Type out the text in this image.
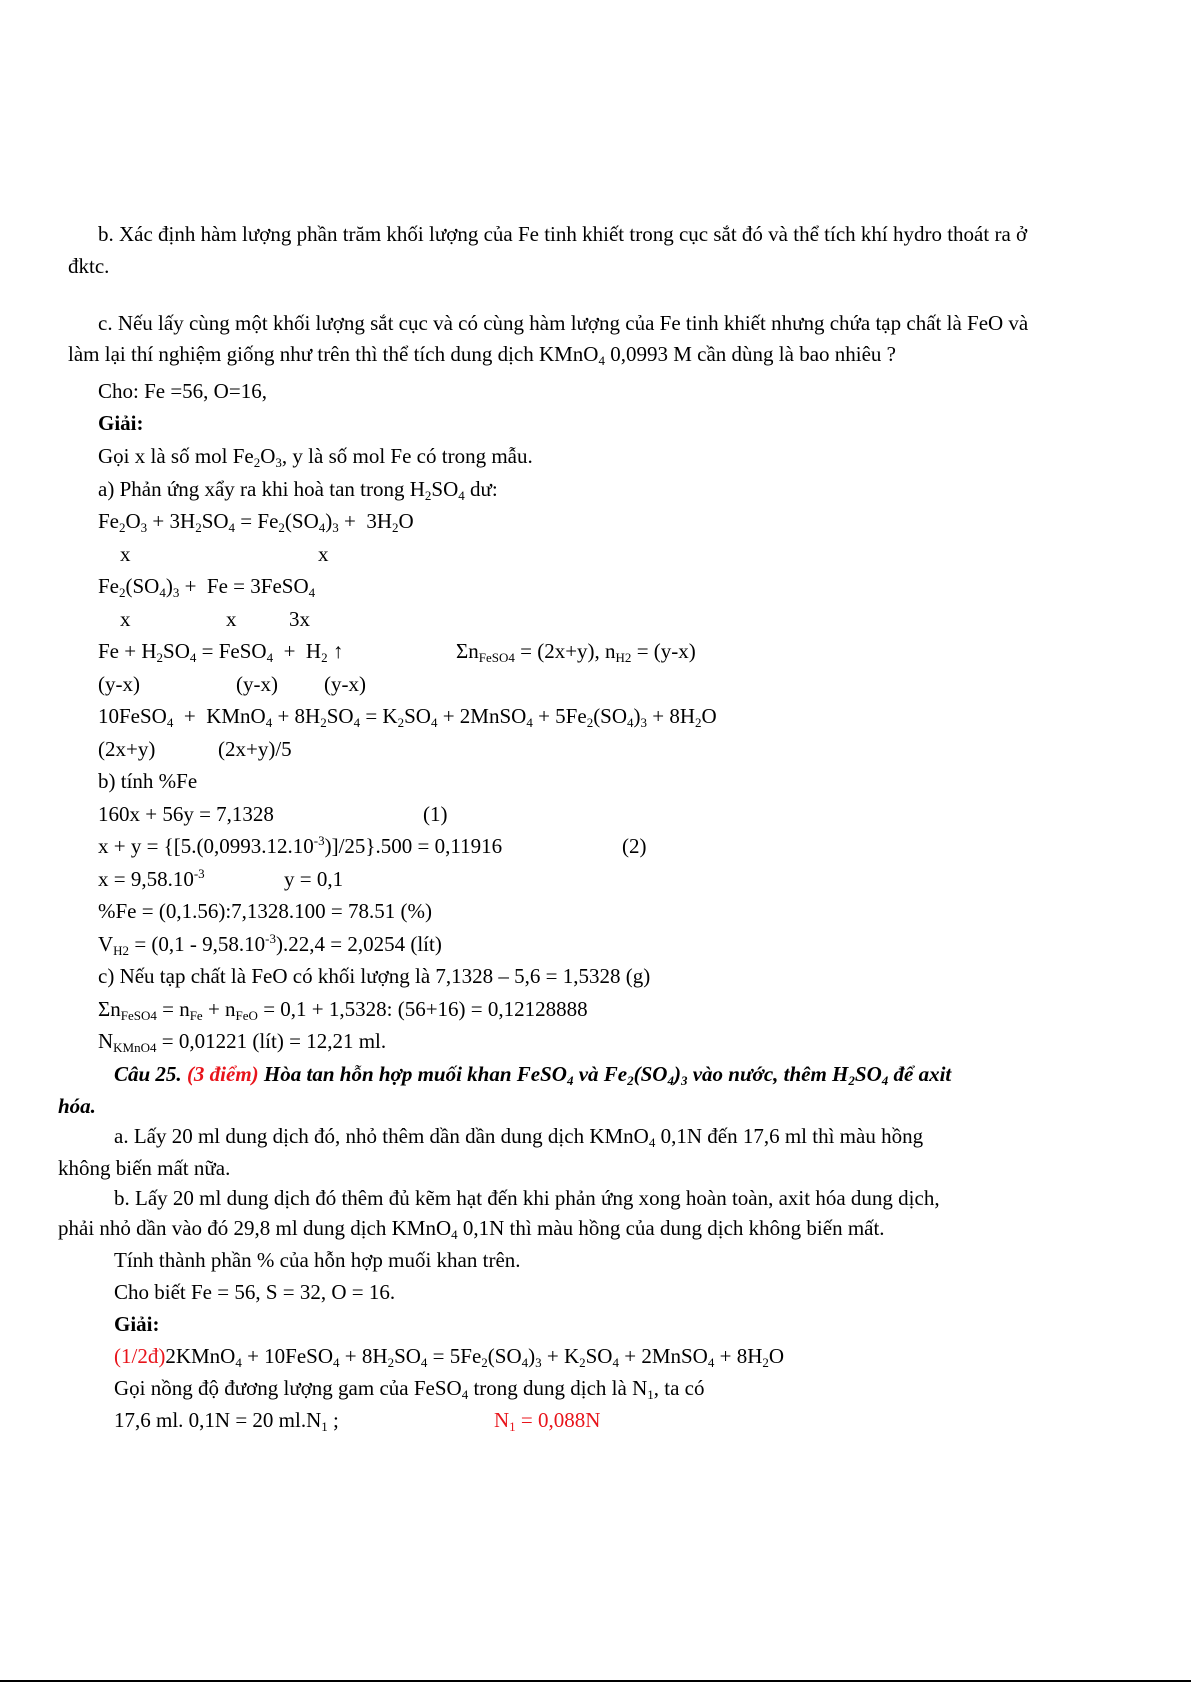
b. Xác định hàm lượng phần trăm khối lượng của Fe tinh khiết trong cục sắt đó và thể tích khí hydro thoát ra ở
đktc.
c. Nếu lấy cùng một khối lượng sắt cục và có cùng hàm lượng của Fe tinh khiết nhưng chứa tạp chất là FeO và
làm lại thí nghiệm giống như trên thì thể tích dung dịch KMnO$_4$ 0,0993 M cần dùng là bao nhiêu ?
Cho: Fe =56, O=16,
Giải:
Gọi x là số mol $Fe_2O_3$, y là số mol Fe có trong mẫu.
a) Phản ứng xẩy ra khi hoà tan trong $H_2SO_4$ dư:
$Fe_2O_3 + 3H_2SO_4 = Fe_2(SO_4)_3 + 3H_2O$
x	x
$Fe_2(SO_4)_3 + Fe$ = 3FeSO$_4$
x	x	3x
$Fe + H_2SO_4$ = FeSO$_4$  +  $H_2$ ↑	$\Sigma n_{FeSO4} = (2x+y)$, $n_{H2} = (y-x)$
(y-x)	(y-x) (y-x)
10FeSO$_4$  +  KMnO$_4$ + $8H_2SO_4 = K_2SO_4$ + 2MnSO$_4$ + $5Fe_2(SO_4)_3 + 8H_2O$
(2x+y)	(2x+y)/5
b) tính %Fe
160x + 56y = 7,1328	(1)
$x + y = \{[5.(0,0993.12.10^{-3})]/25\}.500 = 0,11916$	(2)
$x = 9,58.10^{-3}$	y = 0,1
%Fe = (0,1.56):7,1328.100 = 78.51 (%)
$V_{H2} = (0,1 - 9,58.10^{-3}).22,4 = 2,0254$ (lít)
c) Nếu tạp chất là FeO có khối lượng là 7,1328 – 5,6 = 1,5328 (g)
$\Sigma n_{FeSO4} = n_{Fe} + n_{FeO} = 0,1 + 1,5328$: (56+16) = 0,12128888
$N_{KMnO4} = 0,01221$ (lít) = 12,21 ml.
Câu 25. (3 điểm) Hòa tan hỗn hợp muối khan FeSO$_4$ và $Fe_2(SO_4)_3$ vào nước, thêm $H_2SO_4$ để axit
hóa.
a. Lấy 20 ml dung dịch đó, nhỏ thêm dần dần dung dịch KMnO$_4$ 0,1N đến 17,6 ml thì màu hồng
không biến mất nữa.
b. Lấy 20 ml dung dịch đó thêm đủ kẽm hạt đến khi phản ứng xong hoàn toàn, axit hóa dung dịch,
phải nhỏ dần vào đó 29,8 ml dung dịch KMnO$_4$ 0,1N thì màu hồng của dung dịch không biến mất.
Tính thành phần % của hỗn hợp muối khan trên.
Cho biết Fe = 56, S = 32, O = 16.
Giải:
(1/2đ)2KMnO$_4$ + 10FeSO$_4$ + $8H_2SO_4 = 5Fe_2(SO_4)_3 + K_2SO_4$ + 2MnSO$_4$ + $8H_2O$
Gọi nồng độ đương lượng gam của FeSO$_4$ trong dung dịch là $N_1$, ta có
17,6 ml. 0,1N = 20 $ml.N_1$ ;	$N_1 = 0,088N$
